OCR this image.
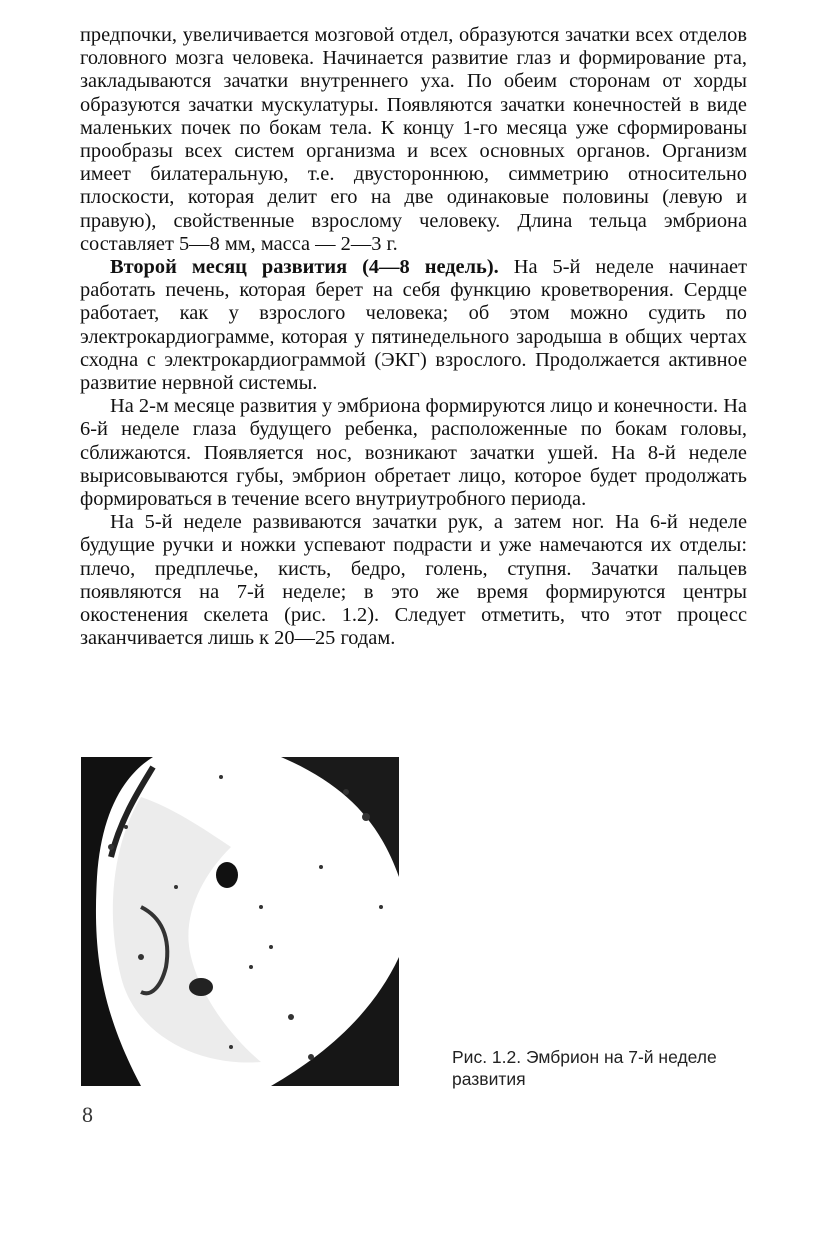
предпочки, увеличивается мозговой отдел, образуются зачатки всех отделов головного мозга человека. Начинается развитие глаз и формирование рта, закладываются зачатки внутреннего уха. По обеим сторонам от хорды образуются зачатки мускулатуры. Появляются зачатки конечностей в виде маленьких почек по бокам тела. К концу 1-го месяца уже сформированы прообразы всех систем организма и всех основных органов. Организм имеет билатеральную, т.е. двустороннюю, симметрию относительно плоскости, которая делит его на две одинаковые половины (левую и правую), свойственные взрослому человеку. Длина тельца эмбриона составляет 5—8 мм, масса — 2—3 г.

Второй месяц развития (4—8 недель). На 5-й неделе начинает работать печень, которая берет на себя функцию кроветворения. Сердце работает, как у взрослого человека; об этом можно судить по электрокардиограмме, которая у пятинедельного зародыша в общих чертах сходна с электрокардиограммой (ЭКГ) взрослого. Продолжается активное развитие нервной системы.

На 2-м месяце развития у эмбриона формируются лицо и конечности. На 6-й неделе глаза будущего ребенка, расположенные по бокам головы, сближаются. Появляется нос, возникают зачатки ушей. На 8-й неделе вырисовываются губы, эмбрион обретает лицо, которое будет продолжать формироваться в течение всего внутриутробного периода.

На 5-й неделе развиваются зачатки рук, а затем ног. На 6-й неделе будущие ручки и ножки успевают подрасти и уже намечаются их отделы: плечо, предплечье, кисть, бедро, голень, ступня. Зачатки пальцев появляются на 7-й неделе; в это же время формируются центры окостенения скелета (рис. 1.2). Следует отметить, что этот процесс заканчивается лишь к 20—25 годам.

Рис. 1.2. Эмбрион на 7-й неделе развития
8
